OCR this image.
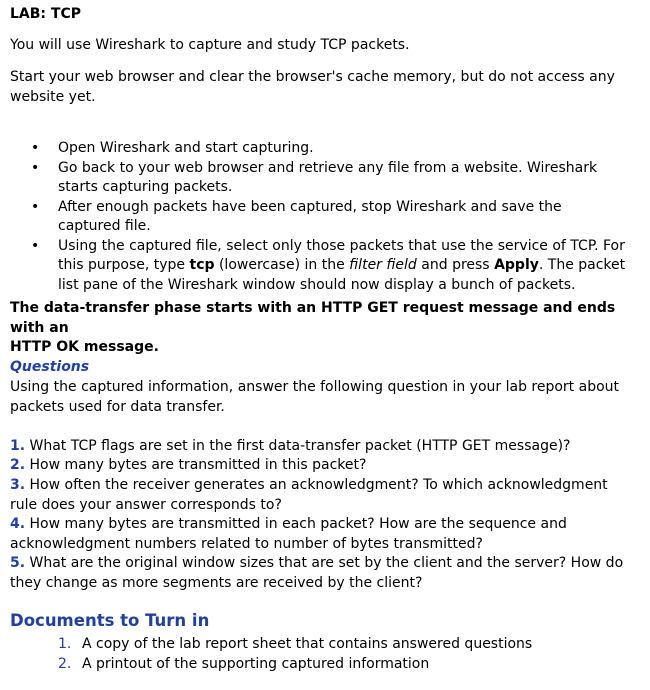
LAB: TCP

You will use Wireshark to capture and study TCP packets.

Start your web browser and clear the browser's cache memory, but do not access any website yet.

• Open Wireshark and start capturing.
• Go back to your web browser and retrieve any file from a website. Wireshark starts capturing packets.
• After enough packets have been captured, stop Wireshark and save the captured file.
• Using the captured file, select only those packets that use the service of TCP. For this purpose, type tcp (lowercase) in the filter field and press Apply. The packet list pane of the Wireshark window should now display a bunch of packets.

The data-transfer phase starts with an HTTP GET request message and ends with an
HTTP OK message.

Questions

Using the captured information, answer the following question in your lab report about packets used for data transfer.

1. What TCP flags are set in the first data-transfer packet (HTTP GET message)?

2. How many bytes are transmitted in this packet?

3. How often the receiver generates an acknowledgment? To which acknowledgment rule does your answer corresponds to?

4. How many bytes are transmitted in each packet? How are the sequence and acknowledgment numbers related to number of bytes transmitted?

5. What are the original window sizes that are set by the client and the server? How do they change as more segments are received by the client?

Documents to Turn in
1. A copy of the lab report sheet that contains answered questions
2. A printout of the supporting captured information
